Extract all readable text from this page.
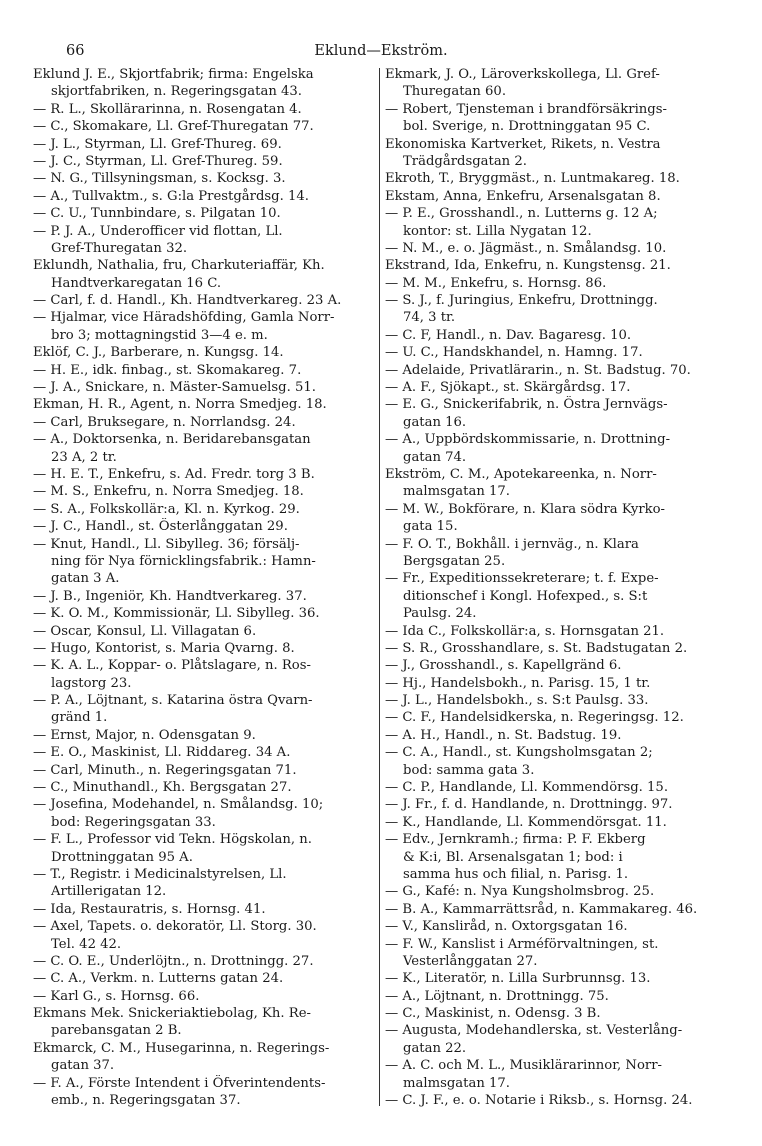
66	Eklund—Ekström.
Eklund J. E., Skjortfabrik; firma: Engelska
skjortfabriken, n. Regeringsgatan 43.
— R. L., Skollärarinna, n. Rosengatan 4.
— C., Skomakare, Ll. Gref-Thuregatan 77.
— J. L., Styrman, Ll. Gref-Thureg. 69.
— J. C., Styrman, Ll. Gref-Thureg. 59.
— N. G., Tillsyningsman, s. Kocksg. 3.
— A., Tullvaktm., s. G:la Prestgårdsg. 14.
— C. U., Tunnbindare, s. Pilgatan 10.
— P. J. A., Underofficer vid flottan, Ll.
Gref-Thuregatan 32.
Eklundh, Nathalia, fru, Charkuteriaffär, Kh.
Handtverkaregatan 16 C.
— Carl, f. d. Handl., Kh. Handtverkareg. 23 A.
— Hjalmar, vice Häradshöfding, Gamla Norr-
bro 3; mottagningstid 3—4 e. m.
Eklöf, C. J., Barberare, n. Kungsg. 14.
— H. E., idk. finbag., st. Skomakareg. 7.
— J. A., Snickare, n. Mäster-Samuelsg. 51.
Ekman, H. R., Agent, n. Norra Smedjeg. 18.
— Carl, Bruksegare, n. Norrlandsg. 24.
— A., Doktorsenka, n. Beridarebansgatan
23 A, 2 tr.
— H. E. T., Enkefru, s. Ad. Fredr. torg 3 B.
— M. S., Enkefru, n. Norra Smedjeg. 18.
— S. A., Folkskollär:a, Kl. n. Kyrkog. 29.
— J. C., Handl., st. Österlånggatan 29.
— Knut, Handl., Ll. Sibylleg. 36; försälj-
ning för Nya förnicklingsfabrik.: Hamn-
gatan 3 A.
— J. B., Ingeniör, Kh. Handtverkareg. 37.
— K. O. M., Kommissionär, Ll. Sibylleg. 36.
— Oscar, Konsul, Ll. Villagatan 6.
— Hugo, Kontorist, s. Maria Qvarng. 8.
— K. A. L., Koppar- o. Plåtslagare, n. Ros-
lagstorg 23.
— P. A., Löjtnant, s. Katarina östra Qvarn-
gränd 1.
— Ernst, Major, n. Odensgatan 9.
— E. O., Maskinist, Ll. Riddareg. 34 A.
— Carl, Minuth., n. Regeringsgatan 71.
— C., Minuthandl., Kh. Bergsgatan 27.
— Josefina, Modehandel, n. Smålandsg. 10;
bod: Regeringsgatan 33.
— F. L., Professor vid Tekn. Högskolan, n.
Drottninggatan 95 A.
— T., Registr. i Medicinalstyrelsen, Ll.
Artillerigatan 12.
— Ida, Restauratris, s. Hornsg. 41.
— Axel, Tapets. o. dekoratör, Ll. Storg. 30.
Tel. 42 42.
— C. O. E., Underlöjtn., n. Drottningg. 27.
— C. A., Verkm. n. Lutterns gatan 24.
— Karl G., s. Hornsg. 66.
Ekmans Mek. Snickeriaktiebolag, Kh. Re-
parebansgatan 2 B.
Ekmarck, C. M., Husegarinna, n. Regerings-
gatan 37.
— F. A., Förste Intendent i Öfverintendents-
emb., n. Regeringsgatan 37.
Ekmark, J. O., Läroverkskollega, Ll. Gref-
Thuregatan 60.
— Robert, Tjensteman i brandförsäkrings-
bol. Sverige, n. Drottninggatan 95 C.
Ekonomiska Kartverket, Rikets, n. Vestra
Trädgårdsgatan 2.
Ekroth, T., Bryggmäst., n. Luntmakareg. 18.
Ekstam, Anna, Enkefru, Arsenalsgatan 8.
— P. E., Grosshandl., n. Lutterns g. 12 A;
kontor: st. Lilla Nygatan 12.
— N. M., e. o. Jägmäst., n. Smålandsg. 10.
Ekstrand, Ida, Enkefru, n. Kungstensg. 21.
— M. M., Enkefru, s. Hornsg. 86.
— S. J., f. Juringius, Enkefru, Drottningg.
74, 3 tr.
— C. F, Handl., n. Dav. Bagaresg. 10.
— U. C., Handskhandel, n. Hamng. 17.
— Adelaide, Privatlärarin., n. St. Badstug. 70.
— A. F., Sjökapt., st. Skärgårdsg. 17.
— E. G., Snickerifabrik, n. Östra Jernvägs-
gatan 16.
— A., Uppbördskommissarie, n. Drottning-
gatan 74.
Ekström, C. M., Apotekareenka, n. Norr-
malmsgatan 17.
— M. W., Bokförare, n. Klara södra Kyrko-
gata 15.
— F. O. T., Bokhåll. i jernväg., n. Klara
Bergsgatan 25.
— Fr., Expeditionssekreterare; t. f. Expe-
ditionschef i Kongl. Hofexped., s. S:t
Paulsg. 24.
— Ida C., Folkskollär:a, s. Hornsgatan 21.
— S. R., Grosshandlare, s. St. Badstugatan 2.
— J., Grosshandl., s. Kapellgränd 6.
— Hj., Handelsbokh., n. Parisg. 15, 1 tr.
— J. L., Handelsbokh., s. S:t Paulsg. 33.
— C. F., Handelsidkerska, n. Regeringsg. 12.
— A. H., Handl., n. St. Badstug. 19.
— C. A., Handl., st. Kungsholmsgatan 2;
bod: samma gata 3.
— C. P., Handlande, Ll. Kommendörsg. 15.
— J. Fr., f. d. Handlande, n. Drottningg. 97.
— K., Handlande, Ll. Kommendörsgat. 11.
— Edv., Jernkramh.; firma: P. F. Ekberg
& K:i, Bl. Arsenalsgatan 1; bod: i
samma hus och filial, n. Parisg. 1.
— G., Kafé: n. Nya Kungsholmsbrog. 25.
— B. A., Kammarrättsråd, n. Kammakareg. 46.
— V., Kansliråd, n. Oxtorgsgatan 16.
— F. W., Kanslist i Arméförvaltningen, st.
Vesterlånggatan 27.
— K., Literatör, n. Lilla Surbrunnsg. 13.
— A., Löjtnant, n. Drottningg. 75.
— C., Maskinist, n. Odensg. 3 B.
— Augusta, Modehandlerska, st. Vesterlång-
gatan 22.
— A. C. och M. L., Musiklärarinnor, Norr-
malmsgatan 17.
— C. J. F., e. o. Notarie i Riksb., s. Hornsg. 24.
